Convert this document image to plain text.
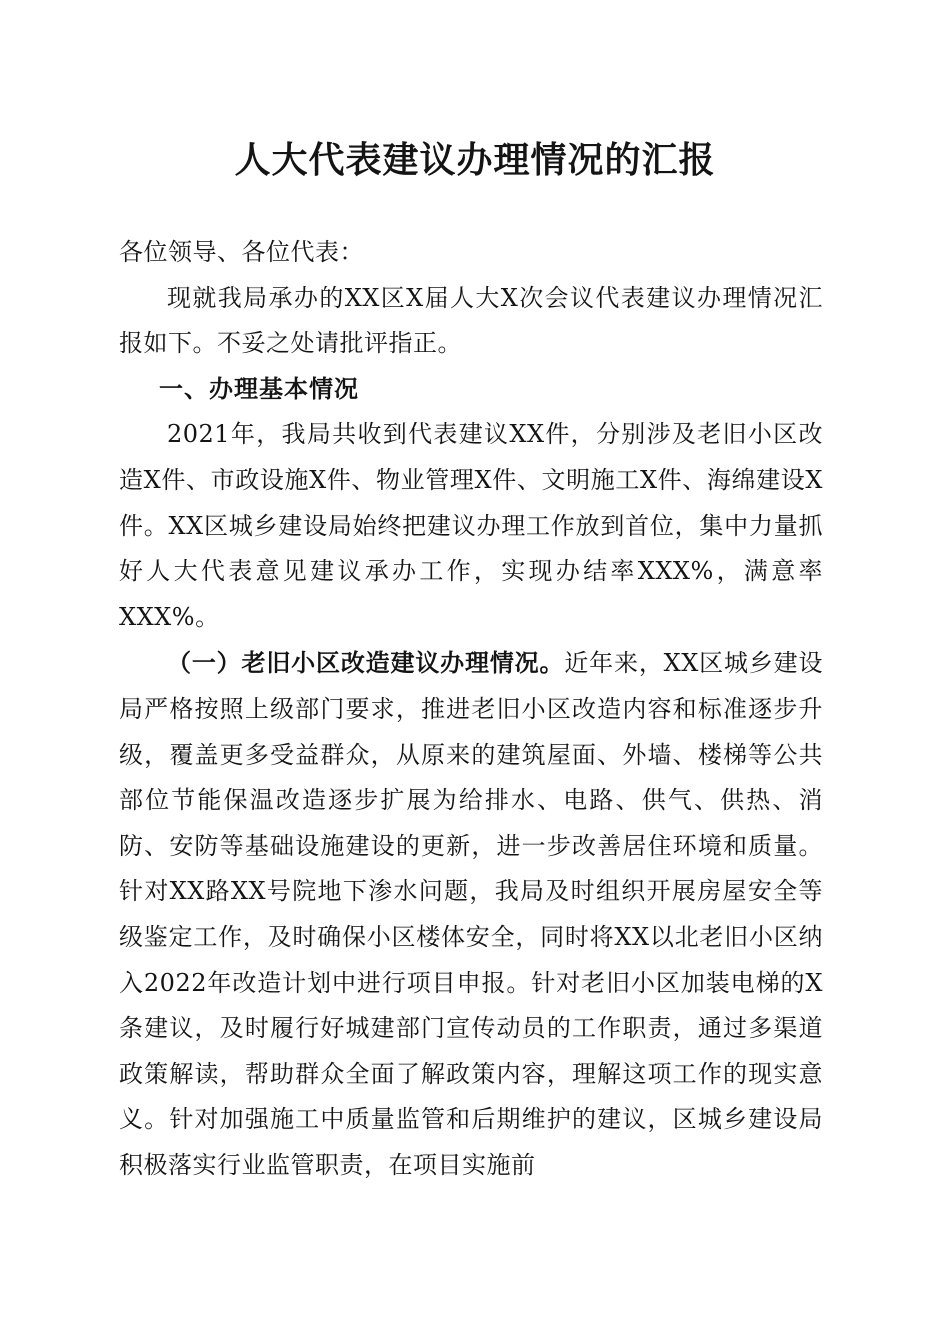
人大代表建议办理情况的汇报

各位领导、各位代表：

现就我局承办的XX区X届人大X次会议代表建议办理情况汇报如下。不妥之处请批评指正。

一、办理基本情况

2021年，我局共收到代表建议XX件，分别涉及老旧小区改造X件、市政设施X件、物业管理X件、文明施工X件、海绵建设X件。XX区城乡建设局始终把建议办理工作放到首位，集中力量抓好人大代表意见建议承办工作，实现办结率XXX%，满意率XXX%。

（一）老旧小区改造建议办理情况。近年来，XX区城乡建设局严格按照上级部门要求，推进老旧小区改造内容和标准逐步升级，覆盖更多受益群众，从原来的建筑屋面、外墙、楼梯等公共部位节能保温改造逐步扩展为给排水、电路、供气、供热、消防、安防等基础设施建设的更新，进一步改善居住环境和质量。针对XX路XX号院地下渗水问题，我局及时组织开展房屋安全等级鉴定工作，及时确保小区楼体安全，同时将XX以北老旧小区纳入2022年改造计划中进行项目申报。针对老旧小区加装电梯的X条建议，及时履行好城建部门宣传动员的工作职责，通过多渠道政策解读，帮助群众全面了解政策内容，理解这项工作的现实意义。针对加强施工中质量监管和后期维护的建议，区城乡建设局积极落实行业监管职责，在项目实施前
